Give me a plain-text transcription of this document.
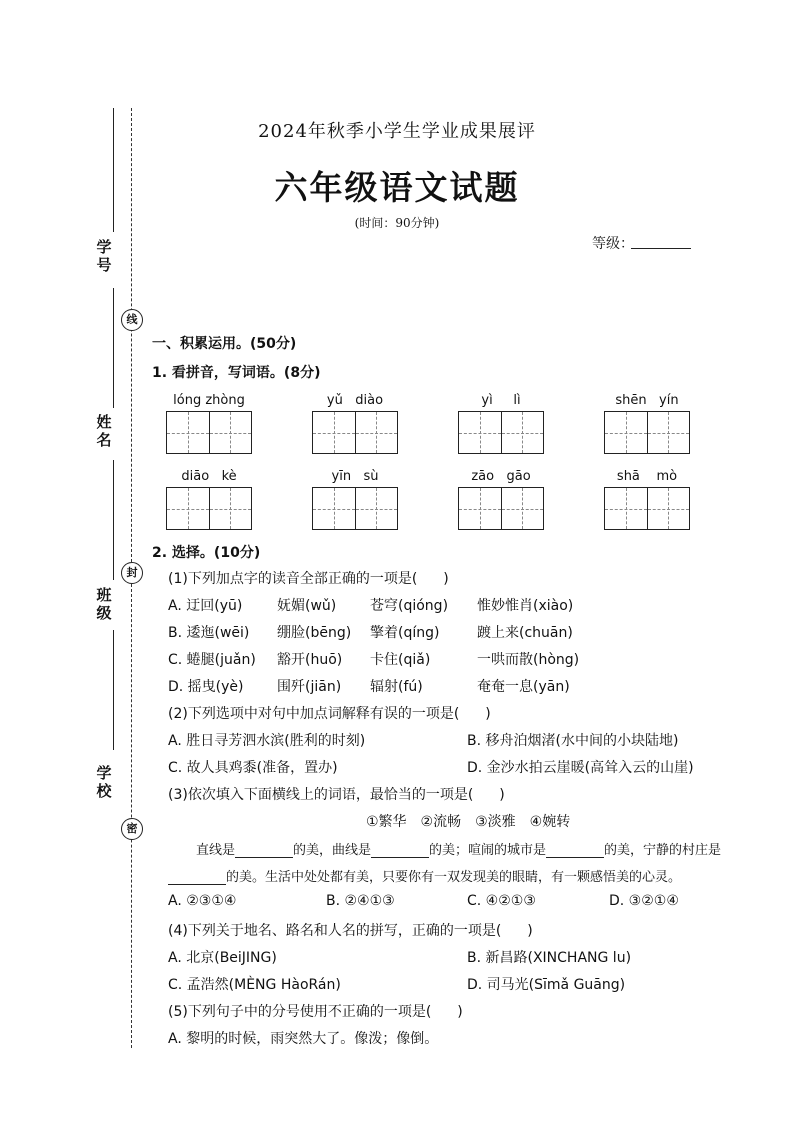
线
封
密
学号
姓名
班级
学校
2024年秋季小学生学业成果展评
六年级语文试题
(时间：90分钟)
等级：
一、积累运用。(50分)
1. 看拼音，写词语。(8分)
lóng zhòng	yǔ diào	yì lì	shēn yín
diāo kè	yīn sù	zāo gāo	shā mò
2. 选择。(10分)
(1)下列加点字的读音全部正确的一项是( )
A. 迂回(yū) 妩媚(wǔ) 苍穹(qióng) 惟妙惟肖(xiào)
B. 逶迤(wēi) 绷脸(bēng) 擎着(qíng)	踱上来(chuān)
C. 蜷腿(juǎn) 豁开(huō) 卡住(qiǎ)	一哄而散(hòng)
D. 摇曳(yè) 围歼(jiān) 辐射(fú)	奄奄一息(yān)
(2)下列选项中对句中加点词解释有误的一项是( )
A. 胜日寻芳泗水滨(胜利的时刻)	B. 移舟泊烟渚(水中间的小块陆地)
C. 故人具鸡黍(准备，置办)	D. 金沙水拍云崖暖(高耸入云的山崖)
(3)依次填入下面横线上的词语，最恰当的一项是( )
①繁华　②流畅　③淡雅　④婉转
直线是	的美，曲线是	的美；喧闹的城市是	的美，宁静的村庄是
的美。生活中处处都有美，只要你有一双发现美的眼睛，有一颗感悟美的心灵。
A. ②③①④	B. ②④①③	C. ④②①③	D. ③②①④
(4)下列关于地名、路名和人名的拼写，正确的一项是( )
A. 北京(BeiJING)	B. 新昌路(XINCHANG lu)
C. 孟浩然(MÈNG HàoRán)	D. 司马光(Sīmǎ Guāng)
(5)下列句子中的分号使用不正确的一项是( )
A. 黎明的时候，雨突然大了。像泼；像倒。
